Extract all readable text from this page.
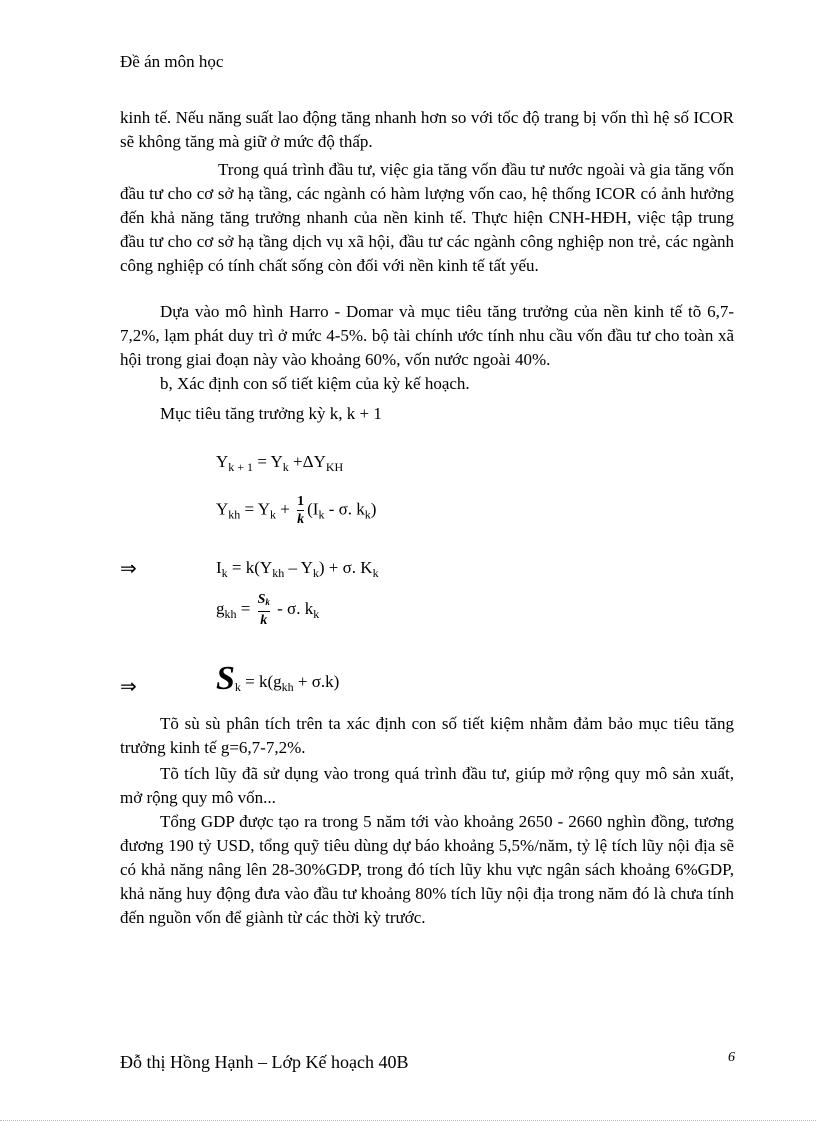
Đề án môn học

kinh tế. Nếu năng suất lao động tăng nhanh hơn so với tốc độ trang bị vốn thì hệ số ICOR sẽ không tăng mà giữ ở mức độ thấp.

Trong quá trình đầu tư, việc gia tăng vốn đầu tư nước ngoài và gia tăng vốn đầu tư cho cơ sở hạ tầng, các ngành có hàm lượng vốn cao, hệ thống ICOR có ảnh hưởng đến khả năng tăng trưởng nhanh của nền kinh tế. Thực hiện CNH-HĐH, việc tập trung đầu tư cho cơ sở hạ tầng dịch vụ xã hội, đầu tư các ngành công nghiệp non trẻ, các ngành công nghiệp có tính chất sống còn đối với nền kinh tế tất yếu.

Dựa vào mô hình Harro - Domar và mục tiêu tăng trưởng của nền kinh tế tõ 6,7-7,2%, lạm phát duy trì ở mức 4-5%. bộ tài chính ước tính nhu cầu vốn đầu tư cho toàn xã hội trong giai đoạn này vào khoảng 60%, vốn nước ngoài 40%.

b, Xác định con số tiết kiệm của kỳ kế hoạch.

Mục tiêu tăng trưởng kỳ k, k + 1

$Y_{k + 1} = Y_k +\Delta Y_{KH}$
$Y_{kh} = Y_k + \frac{1}{k} (I_k - \sigma$. $k_k$)
⇒	$I_k = k(Y_{kh} - Y_k) + \sigma$. $K_k$
$g_{kh} = \frac{S_k}{k} - \sigma$. $k_k$
⇒ $S_k = k(g_{kh} + \sigma.k)$

Tõ sù sù phân tích trên ta xác định con số tiết kiệm nhằm đảm bảo mục tiêu tăng trưởng kinh tế g=6,7-7,2%.

Tõ tích lũy đã sử dụng vào trong quá trình đầu tư, giúp mở rộng quy mô sản xuất, mở rộng quy mô vốn...

Tổng GDP được tạo ra trong 5 năm tới vào khoảng 2650 - 2660 nghìn đồng, tương đương 190 tỷ USD, tổng quỹ tiêu dùng dự báo khoảng 5,5%/năm, tỷ lệ tích lũy nội địa sẽ có khả năng nâng lên 28-30%GDP, trong đó tích lũy khu vực ngân sách khoảng 6%GDP, khả năng huy động đưa vào đầu tư khoảng 80% tích lũy nội địa trong năm đó là chưa tính đến nguồn vốn để giành từ các thời kỳ trước.

Đỗ thị Hồng Hạnh – Lớp Kế hoạch 40B	6
